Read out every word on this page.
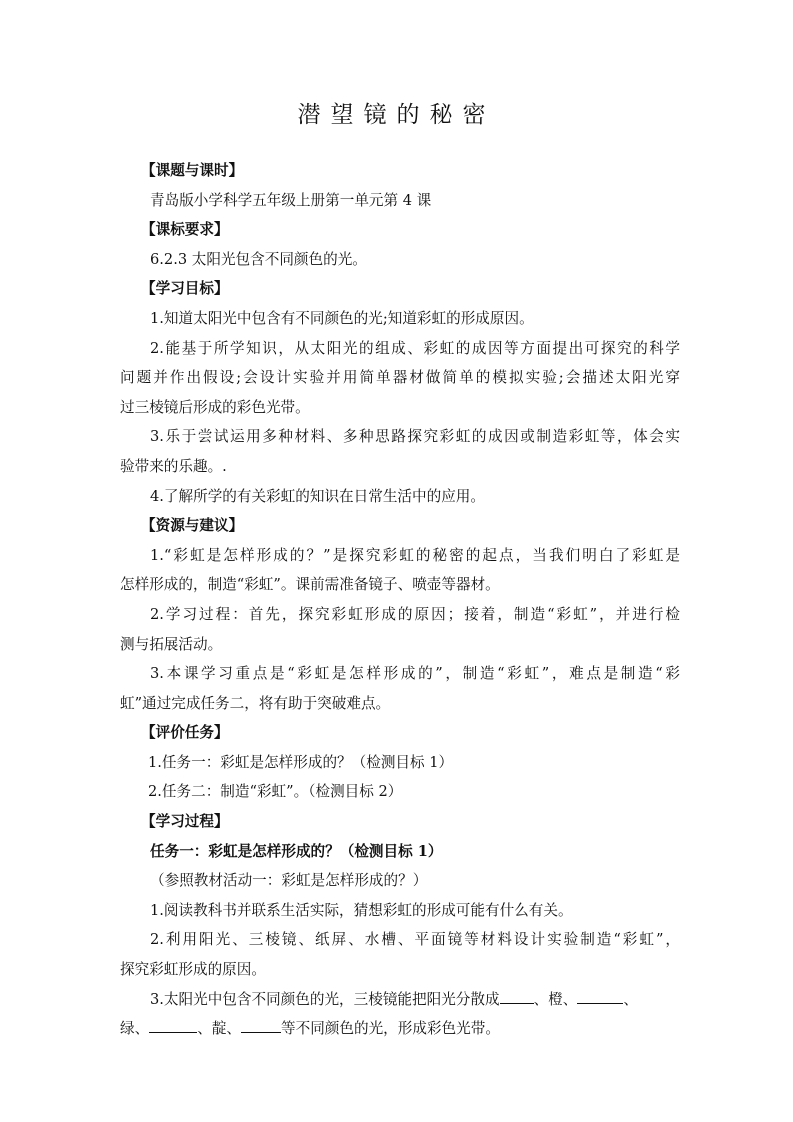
潜望镜的秘密
【课题与课时】
青岛版小学科学五年级上册第一单元第 4 课
【课标要求】
6.2.3 太阳光包含不同颜色的光。
【学习目标】
1.知道太阳光中包含有不同颜色的光;知道彩虹的形成原因。
2.能基于所学知识，从太阳光的组成、彩虹的成因等方面提出可探究的科学
问题并作出假设;会设计实验并用简单器材做简单的模拟实验;会描述太阳光穿
过三棱镜后形成的彩色光带。
3.乐于尝试运用多种材料、多种思路探究彩虹的成因或制造彩虹等，体会实
验带来的乐趣。.
4.了解所学的有关彩虹的知识在日常生活中的应用。
【资源与建议】
1.“彩虹是怎样形成的？”是探究彩虹的秘密的起点，当我们明白了彩虹是
怎样形成的，制造“彩虹”。课前需准备镜子、喷壶等器材。
2.学习过程：首先，探究彩虹形成的原因；接着，制造“彩虹”，并进行检
测与拓展活动。
3.本课学习重点是“彩虹是怎样形成的”，制造“彩虹”，难点是制造“彩
虹”通过完成任务二，将有助于突破难点。
【评价任务】
1.任务一：彩虹是怎样形成的？（检测目标 1）
2.任务二：制造“彩虹”。（检测目标 2）
【学习过程】
任务一：彩虹是怎样形成的？（检测目标 1）
（参照教材活动一：彩虹是怎样形成的？）
1.阅读教科书并联系生活实际，猜想彩虹的形成可能有什么有关。
2.利用阳光、三棱镜、纸屏、水槽、平面镜等材料设计实验制造“彩虹”，
探究彩虹形成的原因。
3.太阳光中包含不同颜色的光，三棱镜能把阳光分散成 、橙、	、
绿、	、靛、	等不同颜色的光，形成彩色光带。
